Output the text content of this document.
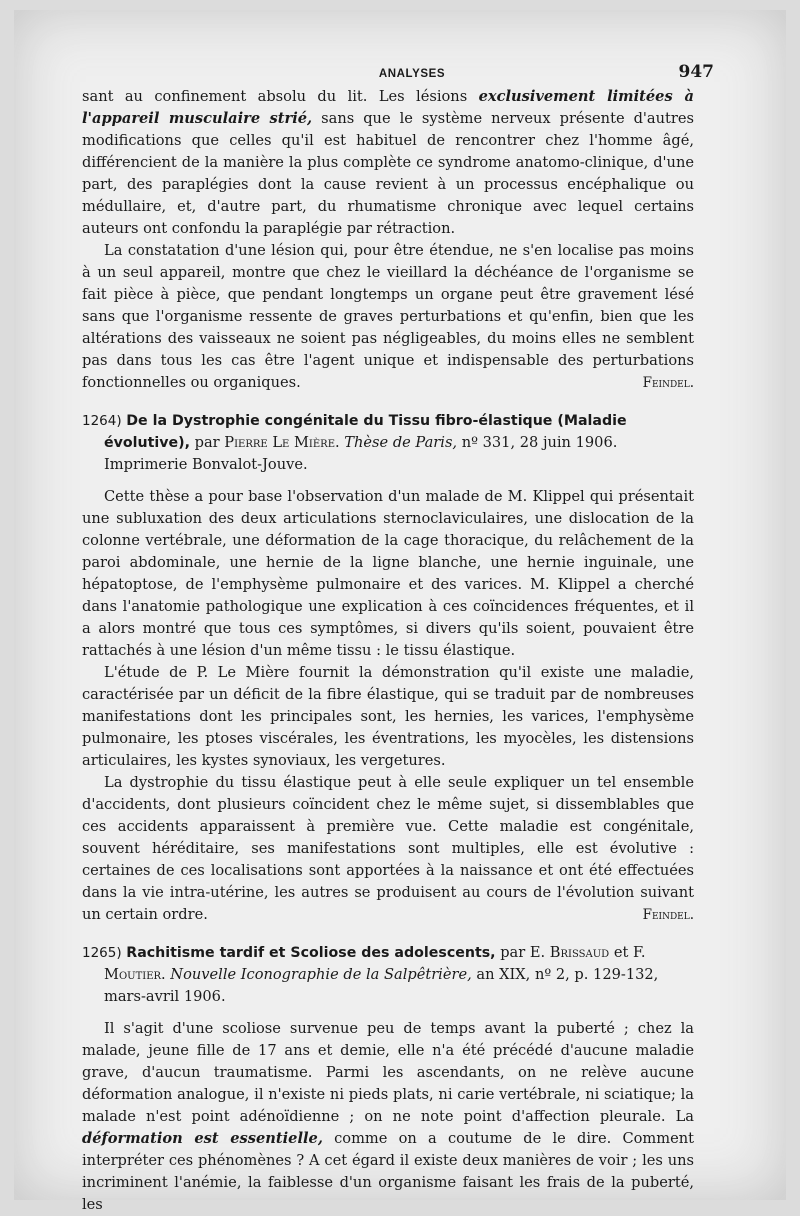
ANALYSES	947

sant au confinement absolu du lit. Les lésions exclusivement limitées à l'appareil musculaire strié, sans que le système nerveux présente d'autres modifications que celles qu'il est habituel de rencontrer chez l'homme âgé, différencient de la manière la plus complète ce syndrome anatomo-clinique, d'une part, des paraplégies dont la cause revient à un processus encéphalique ou médullaire, et, d'autre part, du rhumatisme chronique avec lequel certains auteurs ont confondu la paraplégie par rétraction.

La constatation d'une lésion qui, pour être étendue, ne s'en localise pas moins à un seul appareil, montre que chez le vieillard la déchéance de l'organisme se fait pièce à pièce, que pendant longtemps un organe peut être gravement lésé sans que l'organisme ressente de graves perturbations et qu'enfin, bien que les altérations des vaisseaux ne soient pas négligeables, du moins elles ne semblent pas dans tous les cas être l'agent unique et indispensable des perturbations fonctionnelles ou organiques.	Feindel.

1264) De la Dystrophie congénitale du Tissu fibro-élastique (Maladie évolutive), par Pierre Le Mière. Thèse de Paris, nº 331, 28 juin 1906. Imprimerie Bonvalot-Jouve.

Cette thèse a pour base l'observation d'un malade de M. Klippel qui présentait une subluxation des deux articulations sternoclaviculaires, une dislocation de la colonne vertébrale, une déformation de la cage thoracique, du relâchement de la paroi abdominale, une hernie de la ligne blanche, une hernie inguinale, une hépatoptose, de l'emphysème pulmonaire et des varices. M. Klippel a cherché dans l'anatomie pathologique une explication à ces coïncidences fréquentes, et il a alors montré que tous ces symptômes, si divers qu'ils soient, pouvaient être rattachés à une lésion d'un même tissu : le tissu élastique.

L'étude de P. Le Mière fournit la démonstration qu'il existe une maladie, caractérisée par un déficit de la fibre élastique, qui se traduit par de nombreuses manifestations dont les principales sont, les hernies, les varices, l'emphysème pulmonaire, les ptoses viscérales, les éventrations, les myocèles, les distensions articulaires, les kystes synoviaux, les vergetures.

La dystrophie du tissu élastique peut à elle seule expliquer un tel ensemble d'accidents, dont plusieurs coïncident chez le même sujet, si dissemblables que ces accidents apparaissent à première vue. Cette maladie est congénitale, souvent héréditaire, ses manifestations sont multiples, elle est évolutive : certaines de ces localisations sont apportées à la naissance et ont été effectuées dans la vie intra-utérine, les autres se produisent au cours de l'évolution suivant un certain ordre.	Feindel.

1265) Rachitisme tardif et Scoliose des adolescents, par E. Brissaud et F. Moutier. Nouvelle Iconographie de la Salpêtrière, an XIX, nº 2, p. 129-132, mars-avril 1906.

Il s'agit d'une scoliose survenue peu de temps avant la puberté ; chez la malade, jeune fille de 17 ans et demie, elle n'a été précédé d'aucune maladie grave, d'aucun traumatisme. Parmi les ascendants, on ne relève aucune déformation analogue, il n'existe ni pieds plats, ni carie vertébrale, ni sciatique; la malade n'est point adénoïdienne ; on ne note point d'affection pleurale. La déformation est essentielle, comme on a coutume de le dire. Comment interpréter ces phénomènes ? A cet égard il existe deux manières de voir ; les uns incriminent l'anémie, la faiblesse d'un organisme faisant les frais de la puberté, les
